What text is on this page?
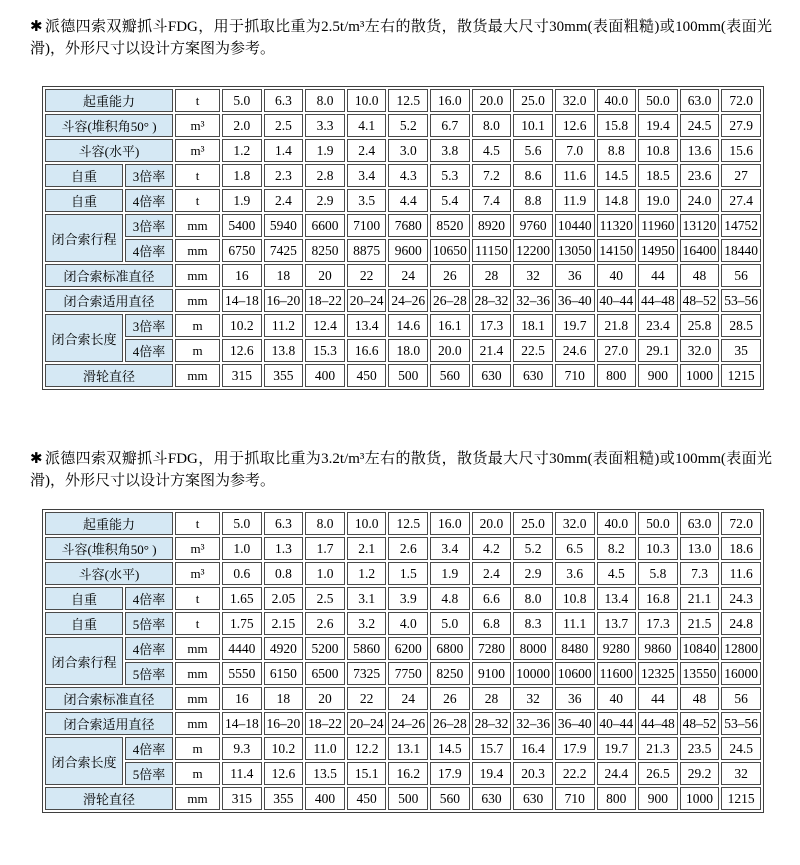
✱ 派德四索双瓣抓斗FDG，用于抓取比重为2.5t/m³左右的散货，散货最大尺寸30mm(表面粗糙)或100mm(表面光滑)，外形尺寸以设计方案图为参考。

起重能力		t	5.0	6.3	8.0	10.0	12.5	16.0	20.0	25.0	32.0	40.0	50.0	63.0	72.0
斗容(堆积角50° )		m³	2.0	2.5	3.3	4.1	5.2	6.7	8.0	10.1	12.6	15.8	19.4	24.5	27.9
斗容(水平)		m³	1.2	1.4	1.9	2.4	3.0	3.8	4.5	5.6	7.0	8.8	10.8	13.6	15.6
自重	3倍率	t	1.8	2.3	2.8	3.4	4.3	5.3	7.2	8.6	11.6	14.5	18.5	23.6	27
自重	4倍率	t	1.9	2.4	2.9	3.5	4.4	5.4	7.4	8.8	11.9	14.8	19.0	24.0	27.4
闭合索行程	3倍率	mm	5400	5940	6600	7100	7680	8520	8920	9760	10440	11320	11960	13120	14752
	4倍率	mm	6750	7425	8250	8875	9600	10650	11150	12200	13050	14150	14950	16400	18440
闭合索标准直径		mm	16	18	20	22	24	26	28	32	36	40	44	48	56
闭合索适用直径		mm	14–18	16–20	18–22	20–24	24–26	26–28	28–32	32–36	36–40	40–44	44–48	48–52	53–56
闭合索长度	3倍率	m	10.2	11.2	12.4	13.4	14.6	16.1	17.3	18.1	19.7	21.8	23.4	25.8	28.5
	4倍率	m	12.6	13.8	15.3	16.6	18.0	20.0	21.4	22.5	24.6	27.0	29.1	32.0	35
滑轮直径		mm	315	355	400	450	500	560	630	630	710	800	900	1000	1215

✱ 派德四索双瓣抓斗FDG，用于抓取比重为3.2t/m³左右的散货，散货最大尺寸30mm(表面粗糙)或100mm(表面光滑)，外形尺寸以设计方案图为参考。

起重能力		t	5.0	6.3	8.0	10.0	12.5	16.0	20.0	25.0	32.0	40.0	50.0	63.0	72.0
斗容(堆积角50° )		m³	1.0	1.3	1.7	2.1	2.6	3.4	4.2	5.2	6.5	8.2	10.3	13.0	18.6
斗容(水平)		m³	0.6	0.8	1.0	1.2	1.5	1.9	2.4	2.9	3.6	4.5	5.8	7.3	11.6
自重	4倍率	t	1.65	2.05	2.5	3.1	3.9	4.8	6.6	8.0	10.8	13.4	16.8	21.1	24.3
自重	5倍率	t	1.75	2.15	2.6	3.2	4.0	5.0	6.8	8.3	11.1	13.7	17.3	21.5	24.8
闭合索行程	4倍率	mm	4440	4920	5200	5860	6200	6800	7280	8000	8480	9280	9860	10840	12800
	5倍率	mm	5550	6150	6500	7325	7750	8250	9100	10000	10600	11600	12325	13550	16000
闭合索标准直径		mm	16	18	20	22	24	26	28	32	36	40	44	48	56
闭合索适用直径		mm	14–18	16–20	18–22	20–24	24–26	26–28	28–32	32–36	36–40	40–44	44–48	48–52	53–56
闭合索长度	4倍率	m	9.3	10.2	11.0	12.2	13.1	14.5	15.7	16.4	17.9	19.7	21.3	23.5	24.5
	5倍率	m	11.4	12.6	13.5	15.1	16.2	17.9	19.4	20.3	22.2	24.4	26.5	29.2	32
滑轮直径		mm	315	355	400	450	500	560	630	630	710	800	900	1000	1215
